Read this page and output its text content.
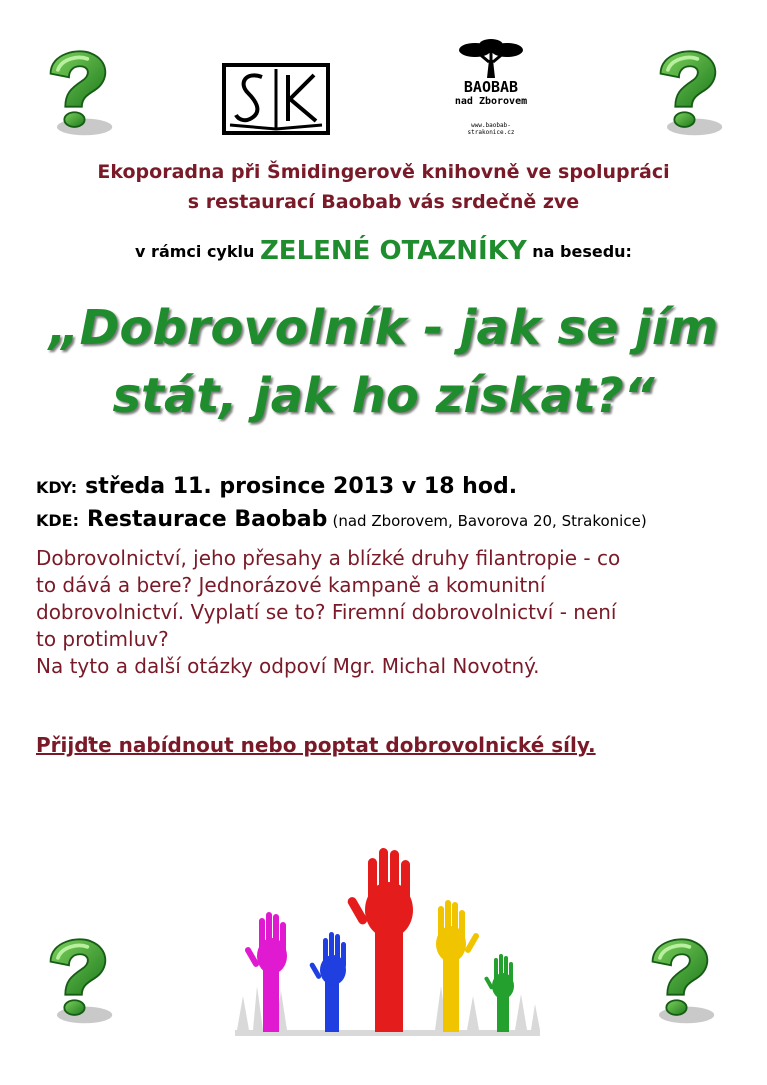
BAOBAB
nad Zborovem
www.baobab-strakonice.cz
Ekoporadna při Šmidingerově knihovně ve spolupráci
s restaurací Baobab vás srdečně zve
v rámci cyklu ZELENÉ OTAZNÍKY na besedu:
„Dobrovolník - jak se jím
stát, jak ho získat?“
KDY: středa 11. prosince 2013 v 18 hod.
KDE: Restaurace Baobab (nad Zborovem, Bavorova 20, Strakonice)
Dobrovolnictví, jeho přesahy a blízké druhy filantropie - co
to dává a bere? Jednorázové kampaně a komunitní
dobrovolnictví. Vyplatí se to? Firemní dobrovolnictví - není
to protimluv?
Na tyto a další otázky odpoví Mgr. Michal Novotný.
Přijďte nabídnout nebo poptat dobrovolnické síly.
